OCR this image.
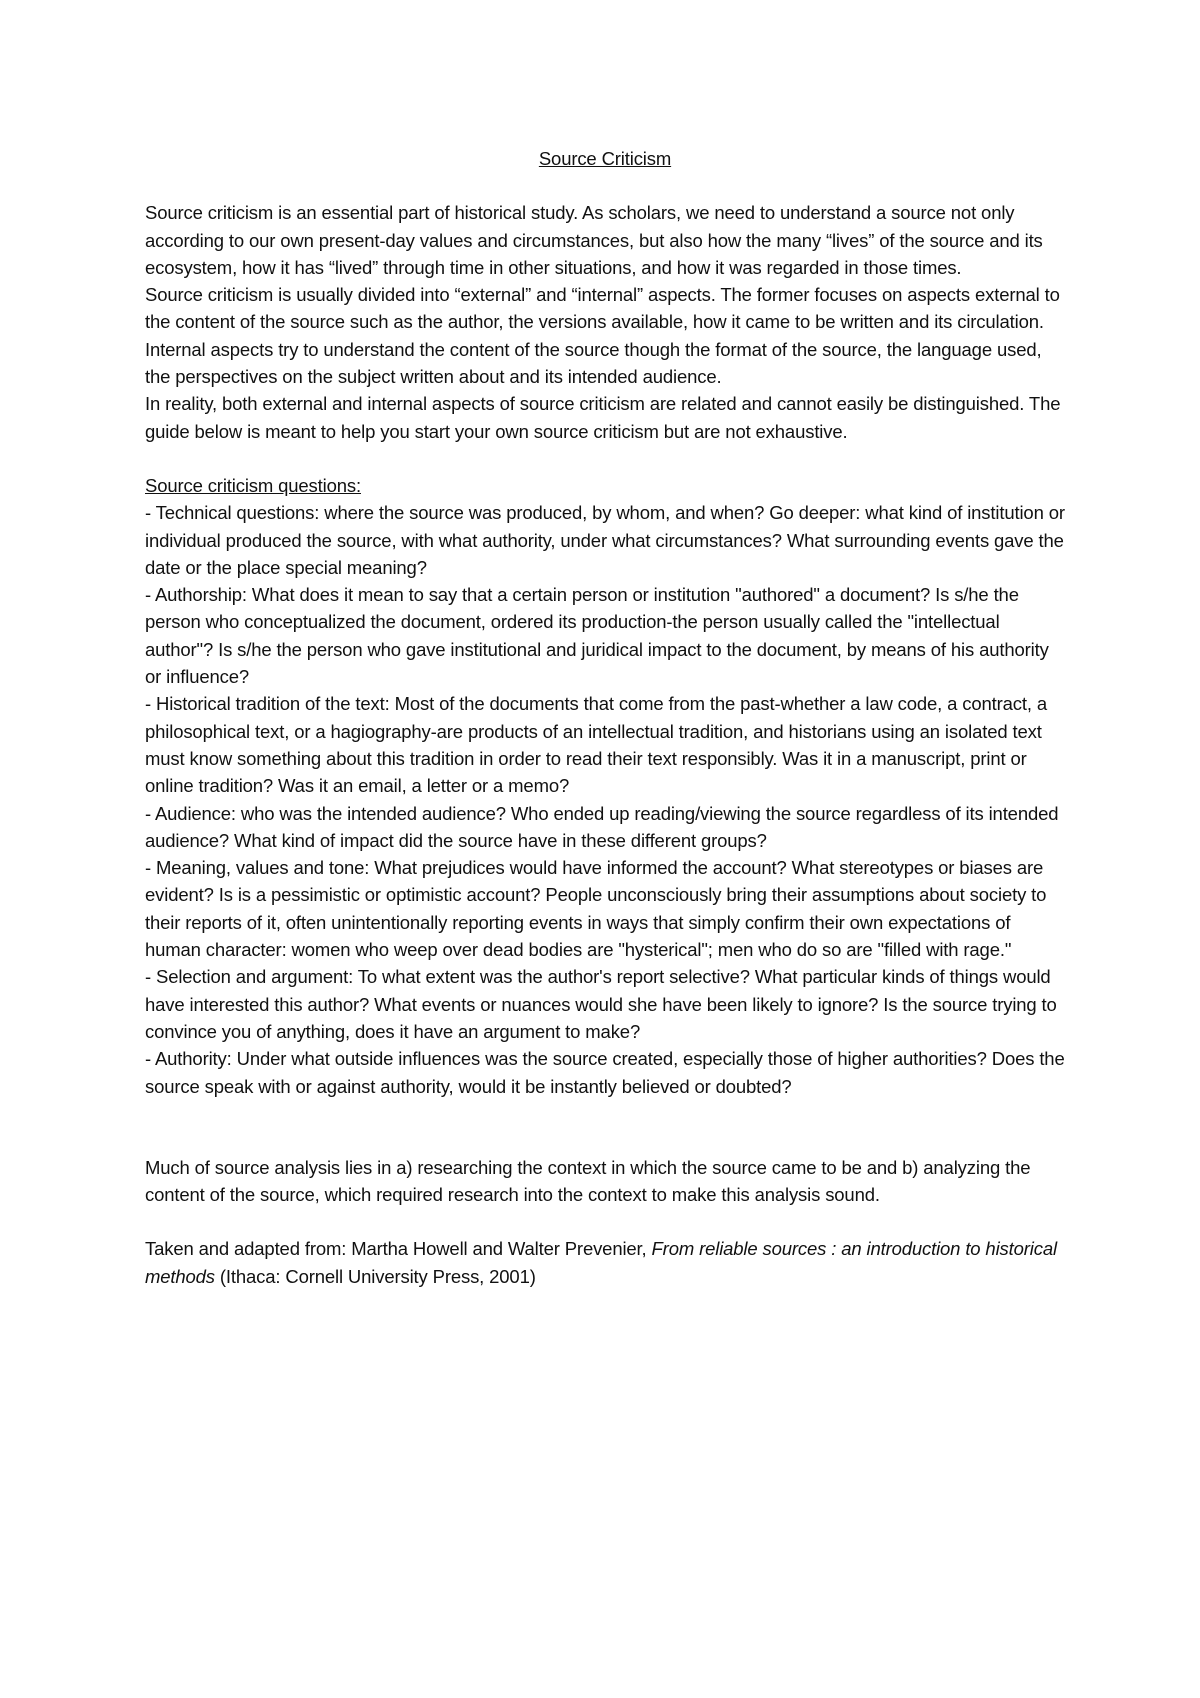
Source Criticism

Source criticism is an essential part of historical study. As scholars, we need to understand a source not only according to our own present-day values and circumstances, but also how the many “lives” of the source and its ecosystem, how it has “lived” through time in other situations, and how it was regarded in those times.

Source criticism is usually divided into “external” and “internal” aspects. The former focuses on aspects external to the content of the source such as the author, the versions available, how it came to be written and its circulation. Internal aspects try to understand the content of the source though the format of the source, the language used, the perspectives on the subject written about and its intended audience.

In reality, both external and internal aspects of source criticism are related and cannot easily be distinguished. The guide below is meant to help you start your own source criticism but are not exhaustive.

Source criticism questions:

- Technical questions: where the source was produced, by whom, and when? Go deeper: what kind of institution or individual produced the source, with what authority, under what circumstances? What surrounding events gave the date or the place special meaning?
- Authorship: What does it mean to say that a certain person or institution "authored" a document? Is s/he the person who conceptualized the document, ordered its production-the person usually called the "intellectual author"? Is s/he the person who gave institutional and juridical impact to the document, by means of his authority or influence?
- Historical tradition of the text: Most of the documents that come from the past-whether a law code, a contract, a philosophical text, or a hagiography-are products of an intellectual tradition, and historians using an isolated text must know something about this tradition in order to read their text responsibly. Was it in a manuscript, print or online tradition? Was it an email, a letter or a memo?
- Audience: who was the intended audience? Who ended up reading/viewing the source regardless of its intended audience? What kind of impact did the source have in these different groups?
- Meaning, values and tone: What prejudices would have informed the account? What stereotypes or biases are evident? Is is a pessimistic or optimistic account? People unconsciously bring their assumptions about society to their reports of it, often unintentionally reporting events in ways that simply confirm their own expectations of human character: women who weep over dead bodies are "hysterical"; men who do so are "filled with rage."
- Selection and argument: To what extent was the author's report selective? What particular kinds of things would have interested this author? What events or nuances would she have been likely to ignore? Is the source trying to convince you of anything, does it have an argument to make?
- Authority: Under what outside influences was the source created, especially those of higher authorities? Does the source speak with or against authority, would it be instantly believed or doubted?

Much of source analysis lies in a) researching the context in which the source came to be and b) analyzing the content of the source, which required research into the context to make this analysis sound.

Taken and adapted from: Martha Howell and Walter Prevenier, From reliable sources : an introduction to historical methods (Ithaca: Cornell University Press, 2001)
